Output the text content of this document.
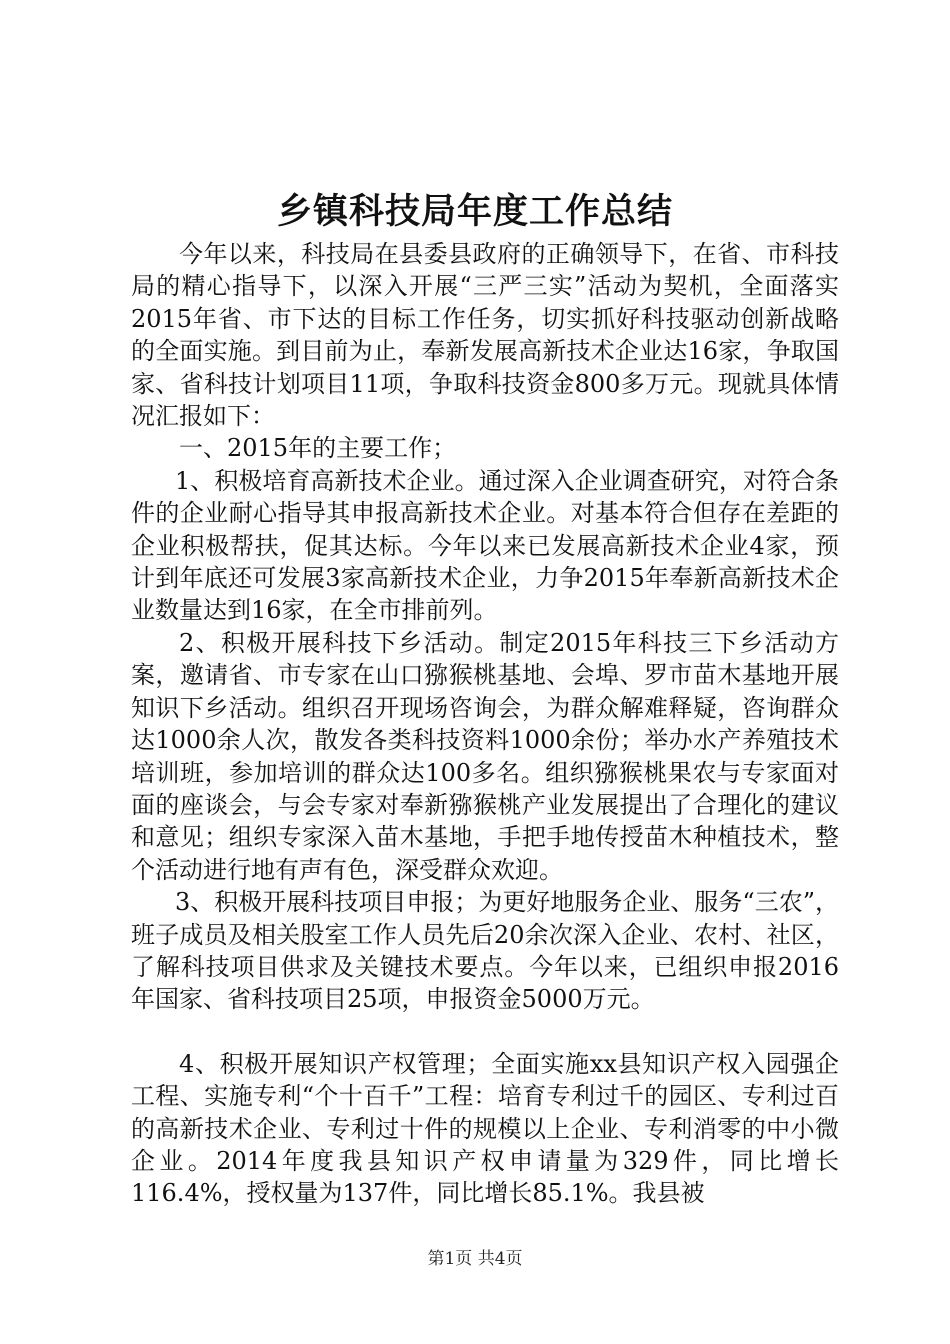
乡镇科技局年度工作总结

今年以来，科技局在县委县政府的正确领导下，在省、市科技局的精心指导下，以深入开展“三严三实”活动为契机，全面落实2015年省、市下达的目标工作任务，切实抓好科技驱动创新战略的全面实施。到目前为止，奉新发展高新技术企业达16家，争取国家、省科技计划项目11项，争取科技资金800多万元。现就具体情况汇报如下：

一、2015年的主要工作；

1、积极培育高新技术企业。通过深入企业调查研究，对符合条件的企业耐心指导其申报高新技术企业。对基本符合但存在差距的企业积极帮扶，促其达标。今年以来已发展高新技术企业4家，预计到年底还可发展3家高新技术企业，力争2015年奉新高新技术企业数量达到16家，在全市排前列。

2、积极开展科技下乡活动。制定2015年科技三下乡活动方案，邀请省、市专家在山口猕猴桃基地、会埠、罗市苗木基地开展知识下乡活动。组织召开现场咨询会，为群众解难释疑，咨询群众达1000余人次，散发各类科技资料1000余份；举办水产养殖技术培训班，参加培训的群众达100多名。组织猕猴桃果农与专家面对面的座谈会，与会专家对奉新猕猴桃产业发展提出了合理化的建议和意见；组织专家深入苗木基地，手把手地传授苗木种植技术，整个活动进行地有声有色，深受群众欢迎。

3、积极开展科技项目申报；为更好地服务企业、服务“三农”，班子成员及相关股室工作人员先后20余次深入企业、农村、社区，了解科技项目供求及关键技术要点。今年以来，已组织申报2016年国家、省科技项目25项，申报资金5000万元。

4、积极开展知识产权管理；全面实施xx县知识产权入园强企工程、实施专利“个十百千”工程：培育专利过千的园区、专利过百的高新技术企业、专利过十件的规模以上企业、专利消零的中小微企业。2014年度我县知识产权申请量为329件，同比增长116.4%，授权量为137件，同比增长85.1%。我县被

第1页 共4页
